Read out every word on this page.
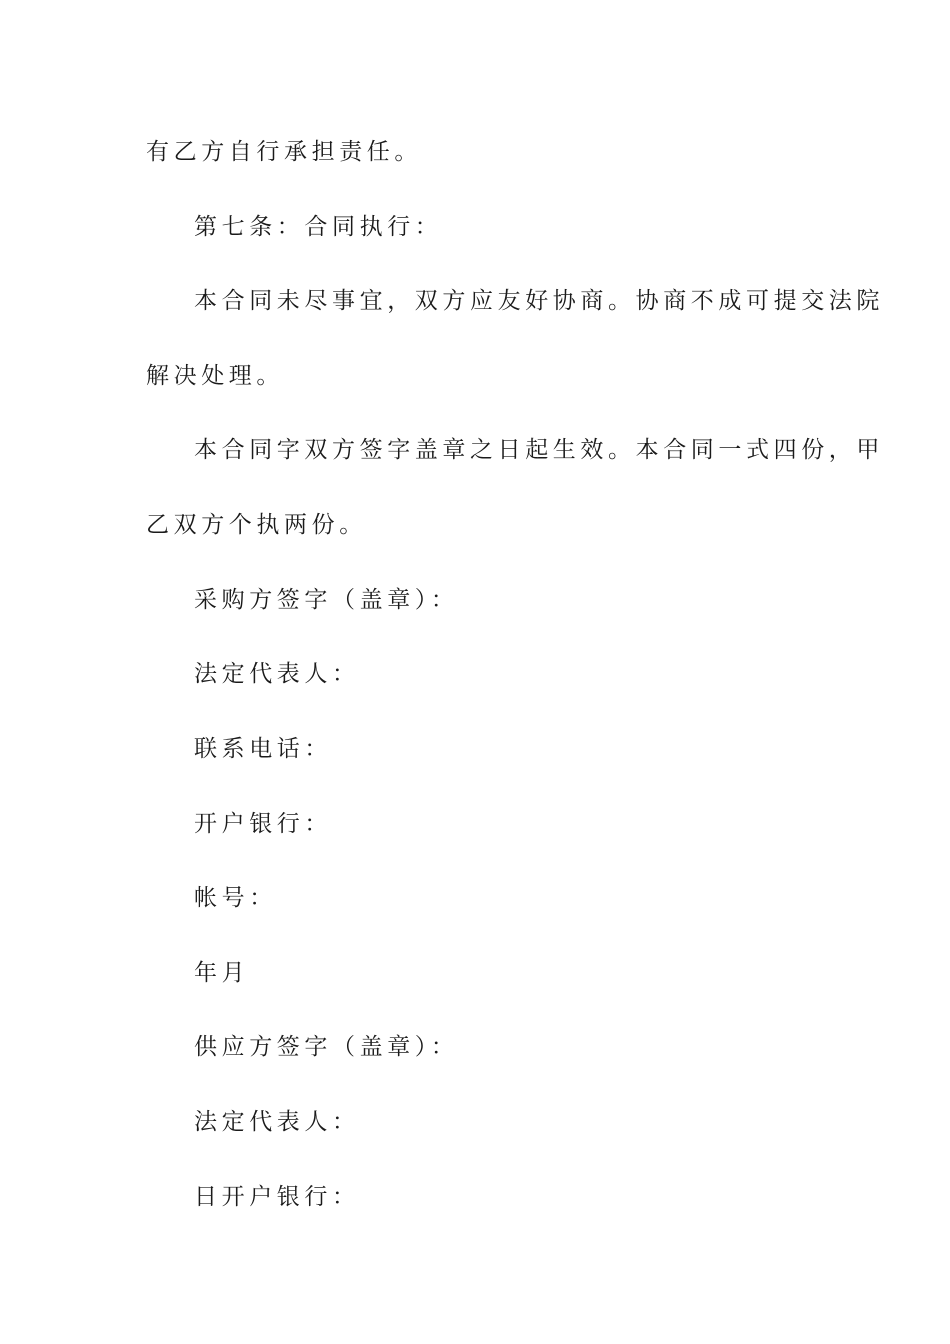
有乙方自行承担责任。

第七条：合同执行：

本合同未尽事宜，双方应友好协商。协商不成可提交法院

解决处理。

本合同字双方签字盖章之日起生效。本合同一式四份，甲

乙双方个执两份。

采购方签字（盖章）：

法定代表人：

联系电话：

开户银行：

帐号：

年月

供应方签字（盖章）：

法定代表人：

日开户银行：
